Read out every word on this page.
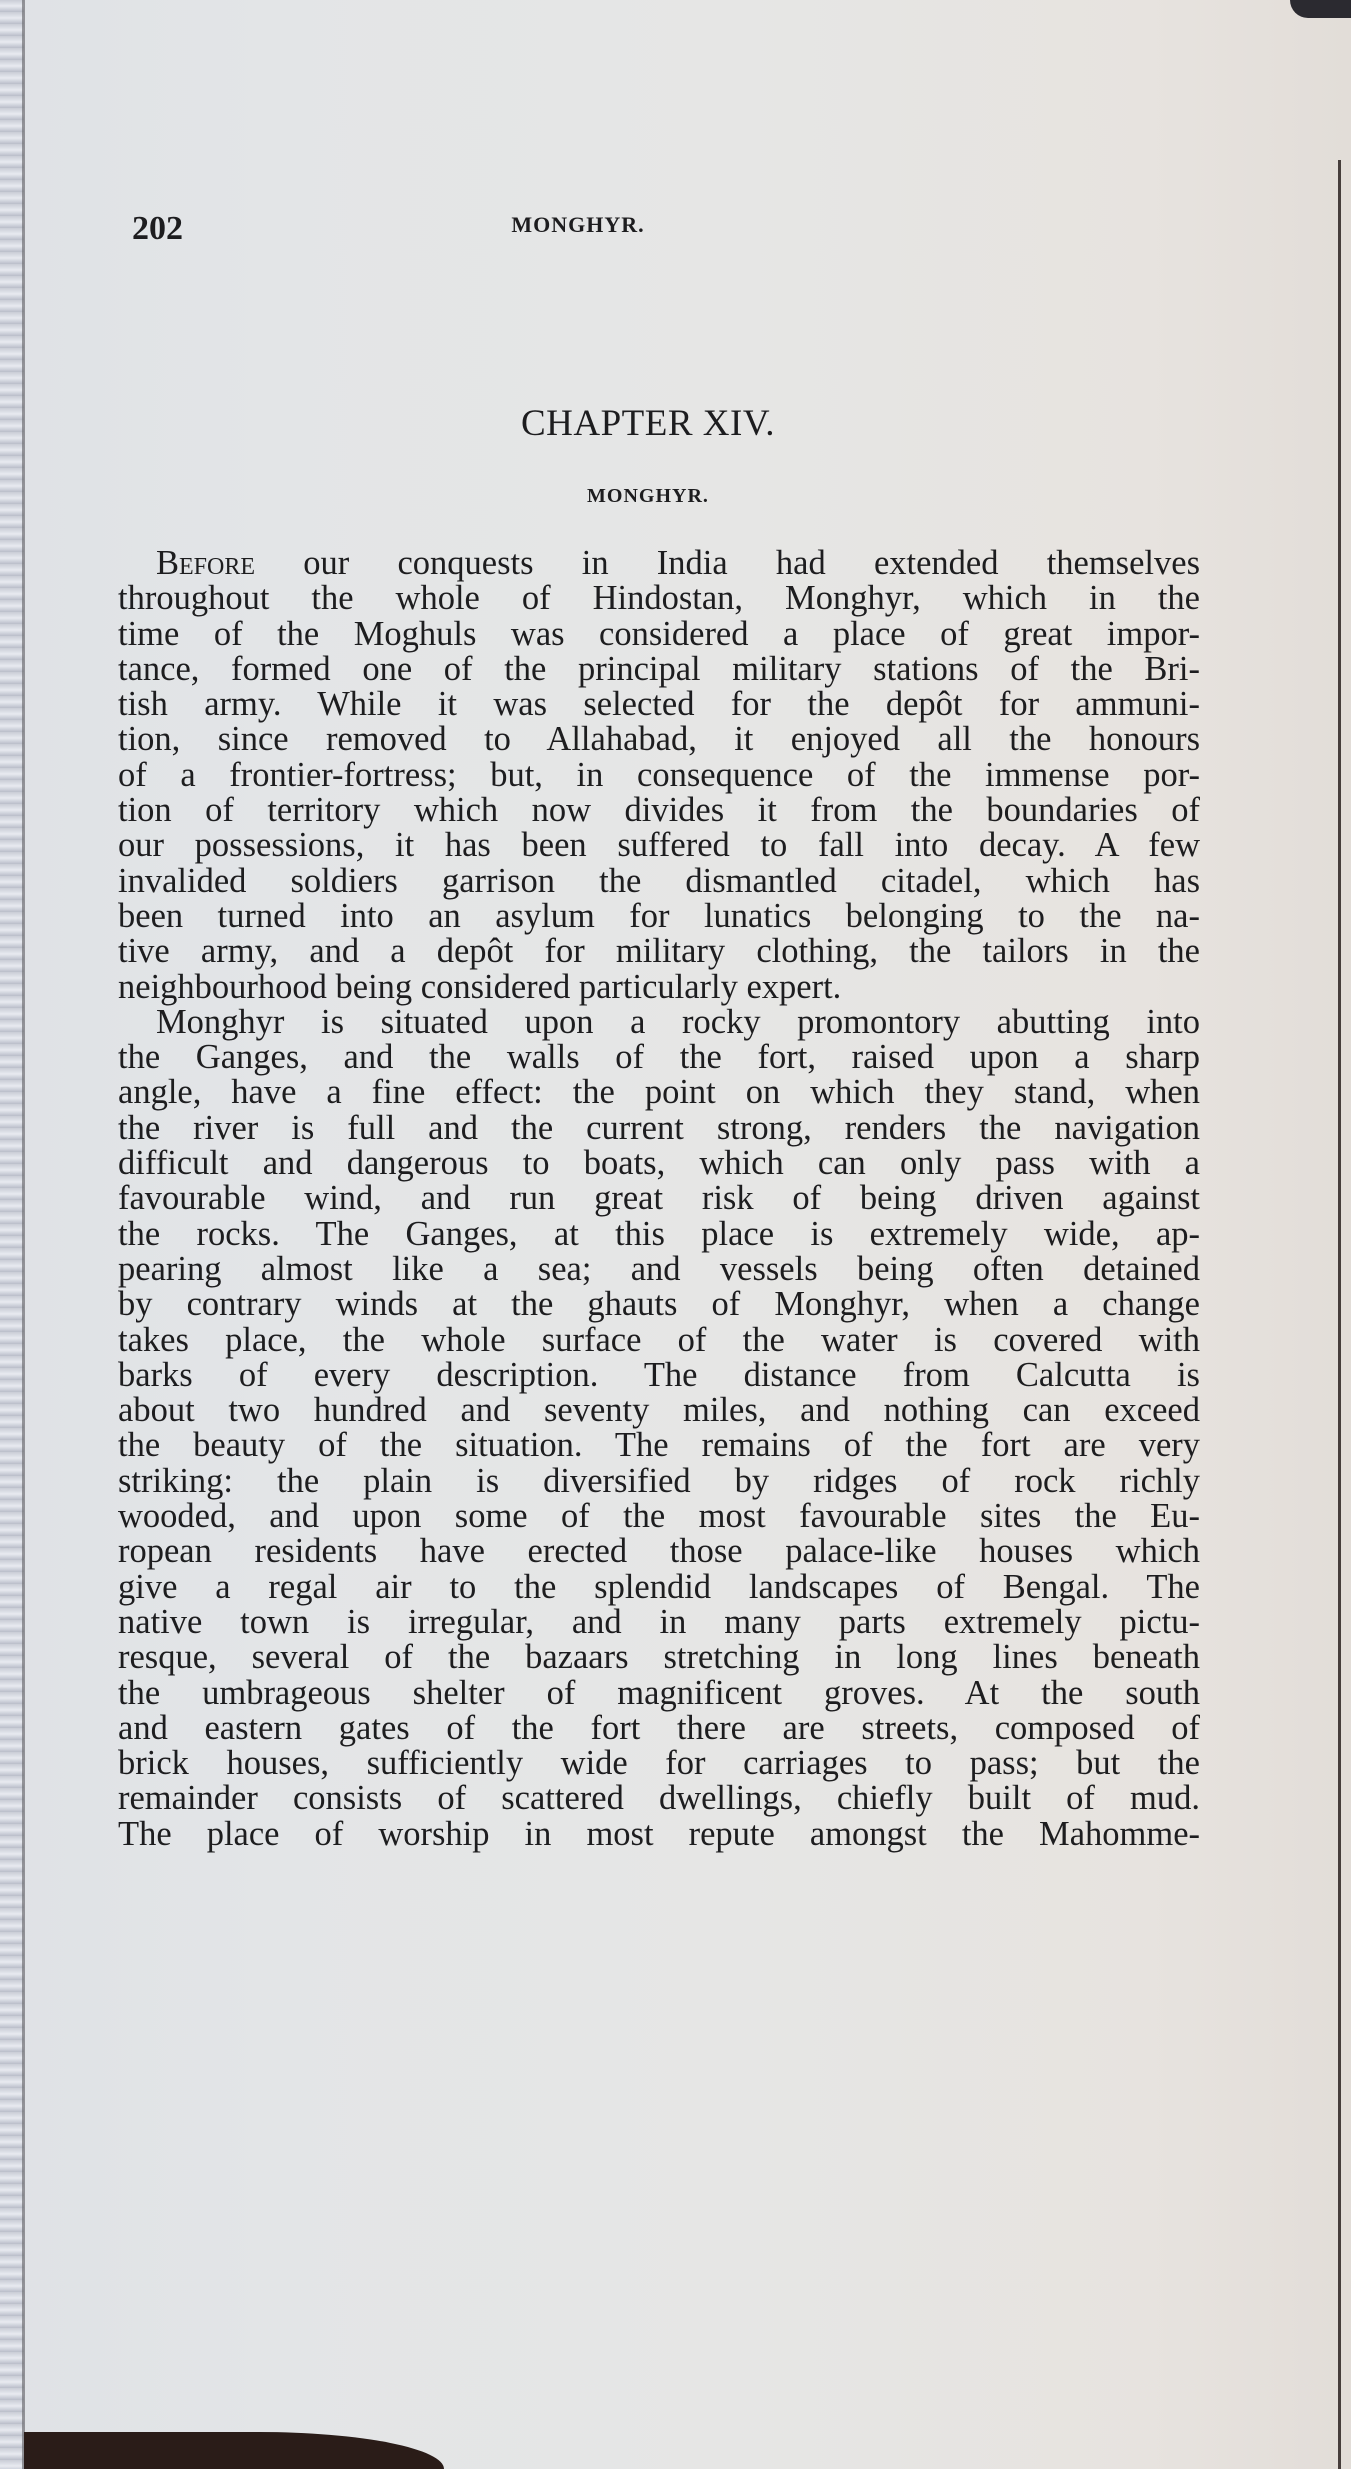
202	MONGHYR.
CHAPTER XIV.
MONGHYR.
Before our conquests in India had extended themselves
throughout the whole of Hindostan, Monghyr, which in the
time of the Moghuls was considered a place of great impor-
tance, formed one of the principal military stations of the Bri-
tish army. While it was selected for the depôt for ammuni-
tion, since removed to Allahabad, it enjoyed all the honours
of a frontier-fortress; but, in consequence of the immense por-
tion of territory which now divides it from the boundaries of
our possessions, it has been suffered to fall into decay. A few
invalided soldiers garrison the dismantled citadel, which has
been turned into an asylum for lunatics belonging to the na-
tive army, and a depôt for military clothing, the tailors in the
neighbourhood being considered particularly expert.
Monghyr is situated upon a rocky promontory abutting into
the Ganges, and the walls of the fort, raised upon a sharp
angle, have a fine effect: the point on which they stand, when
the river is full and the current strong, renders the navigation
difficult and dangerous to boats, which can only pass with a
favourable wind, and run great risk of being driven against
the rocks. The Ganges, at this place is extremely wide, ap-
pearing almost like a sea; and vessels being often detained
by contrary winds at the ghauts of Monghyr, when a change
takes place, the whole surface of the water is covered with
barks of every description. The distance from Calcutta is
about two hundred and seventy miles, and nothing can exceed
the beauty of the situation. The remains of the fort are very
striking: the plain is diversified by ridges of rock richly
wooded, and upon some of the most favourable sites the Eu-
ropean residents have erected those palace-like houses which
give a regal air to the splendid landscapes of Bengal. The
native town is irregular, and in many parts extremely pictu-
resque, several of the bazaars stretching in long lines beneath
the umbrageous shelter of magnificent groves. At the south
and eastern gates of the fort there are streets, composed of
brick houses, sufficiently wide for carriages to pass; but the
remainder consists of scattered dwellings, chiefly built of mud.
The place of worship in most repute amongst the Mahomme-
